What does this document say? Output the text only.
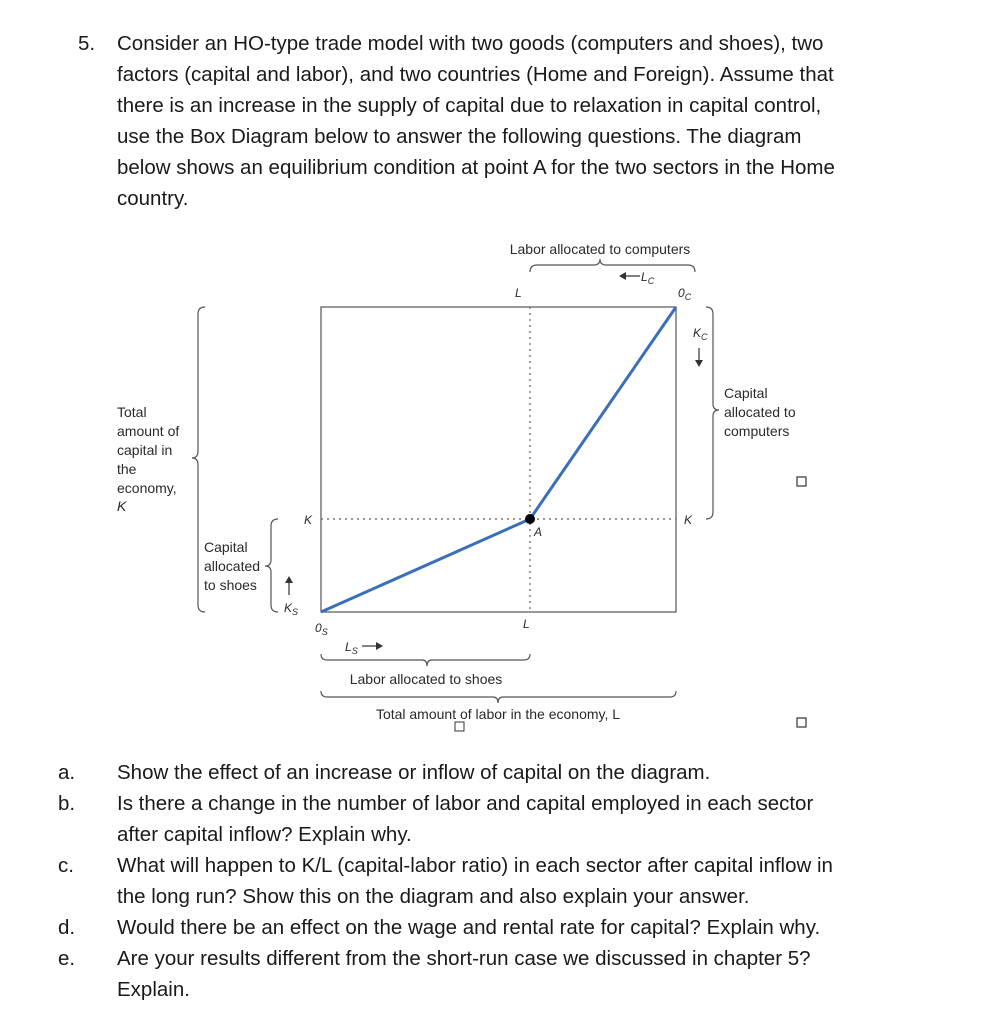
5. Consider an HO-type trade model with two goods (computers and shoes), two
factors (capital and labor), and two countries (Home and Foreign). Assume that
there is an increase in the supply of capital due to relaxation in capital control,
use the Box Diagram below to answer the following questions. The diagram
below shows an equilibrium condition at point A for the two sectors in the Home
country.
Labor allocated to computers
$L_C$
$0_C$
L
$K_C$
A
K	K
L
$0_S$
$L_S$
$K_S$
Total amount of capital in the economy, K
Capital allocated to shoes
Capital allocated to computers
Labor allocated to shoes
Total amount of labor in the economy, L
a. Show the effect of an increase or inflow of capital on the diagram.
b. Is there a change in the number of labor and capital employed in each sector
after capital inflow? Explain why.
c. What will happen to K/L (capital-labor ratio) in each sector after capital inflow in
the long run? Show this on the diagram and also explain your answer.
d. Would there be an effect on the wage and rental rate for capital? Explain why.
e. Are your results different from the short-run case we discussed in chapter 5?
Explain.
